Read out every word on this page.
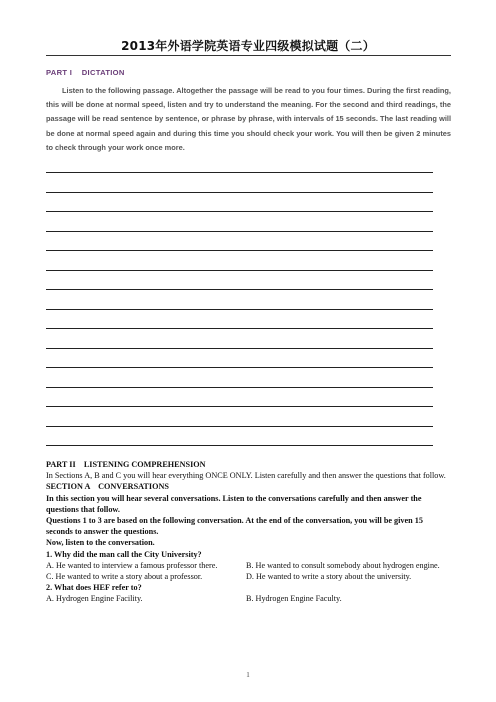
2013年外语学院英语专业四级模拟试题（二）
PART I    DICTATION

Listen to the following passage. Altogether the passage will be read to you four times. During the first reading, this will be done at normal speed, listen and try to understand the meaning. For the second and third readings, the passage will be read sentence by sentence, or phrase by phrase, with intervals of 15 seconds. The last reading will be done at normal speed again and during this time you should check your work. You will then be given 2 minutes to check through your work once more.

PART II    LISTENING COMPREHENSION

In Sections A, B and C you will hear everything ONCE ONLY. Listen carefully and then answer the questions that follow.

SECTION A    CONVERSATIONS

In this section you will hear several conversations. Listen to the conversations carefully and then answer the questions that follow.

Questions 1 to 3 are based on the following conversation. At the end of the conversation, you will be given 15 seconds to answer the questions.

Now, listen to the conversation.

1. Why did the man call the City University?

A. He wanted to interview a famous professor there.	B. He wanted to consult somebody about hydrogen engine.
C. He wanted to write a story about a professor.	D. He wanted to write a story about the university.

2. What does HEF refer to?

A. Hydrogen Engine Facility.	B. Hydrogen Engine Faculty.
1
